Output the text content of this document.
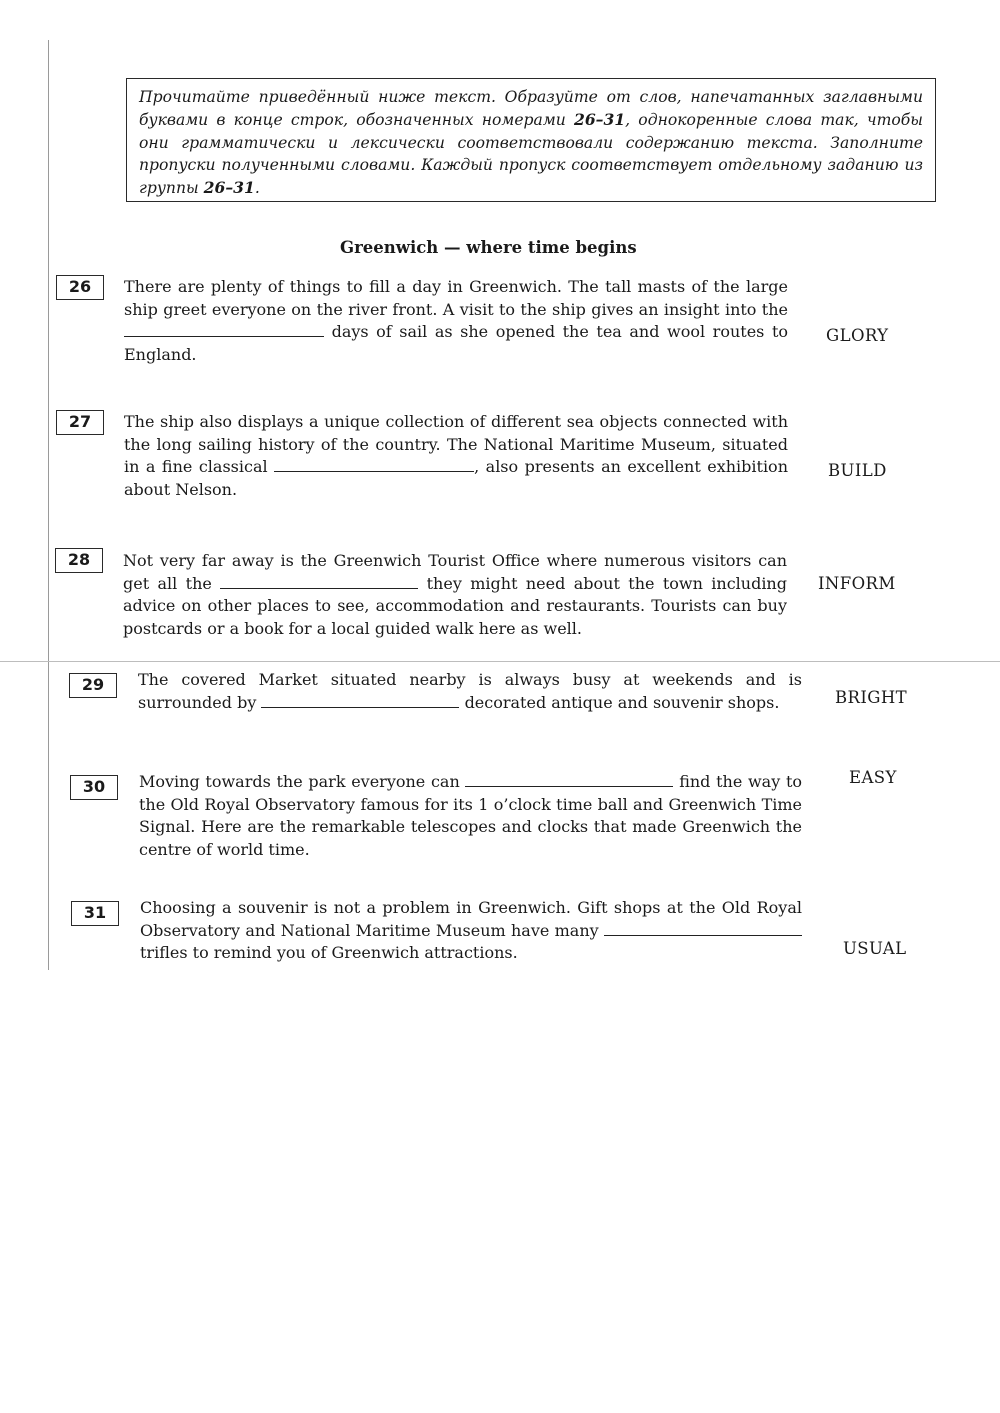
Прочитайте приведённый ниже текст. Образуйте от слов, напечатанных заглавными буквами в конце строк, обозначенных номерами 26–31, однокоренные слова так, чтобы они грамматически и лексически соответствовали содержанию текста. Заполните пропуски полученными словами. Каждый пропуск соответствует отдельному заданию из группы 26–31.
Greenwich — where time begins
26	There are plenty of things to fill a day in Greenwich. The tall masts of the large ship greet everyone on the river front. A visit to the ship gives an insight into the  days of sail as she opened the tea and wool routes to England.
GLORY
27	The ship also displays a unique collection of different sea objects connected with the long sailing history of the country. The National Maritime Museum, situated in a fine classical	, also presents an excellent exhibition about Nelson.
BUILD
28	Not very far away is the Greenwich Tourist Office where numerous visitors can get all the	they might need about the town including advice on other places to see, accommodation and restaurants. Tourists can buy postcards or a book for a local guided walk here as well.
INFORM
29	The covered Market situated nearby is always busy at weekends and is surrounded by	decorated antique and souvenir shops.	BRIGHT
30	Moving towards the park everyone can	find the way to the Old Royal Observatory famous for its 1 o’clock time ball and Greenwich Time Signal. Here are the remarkable telescopes and clocks that made Greenwich the centre of world time.
EASY
31	Choosing a souvenir is not a problem in Greenwich. Gift shops at the Old Royal Observatory and National Maritime Museum have many  trifles to remind you of Greenwich attractions.	USUAL
